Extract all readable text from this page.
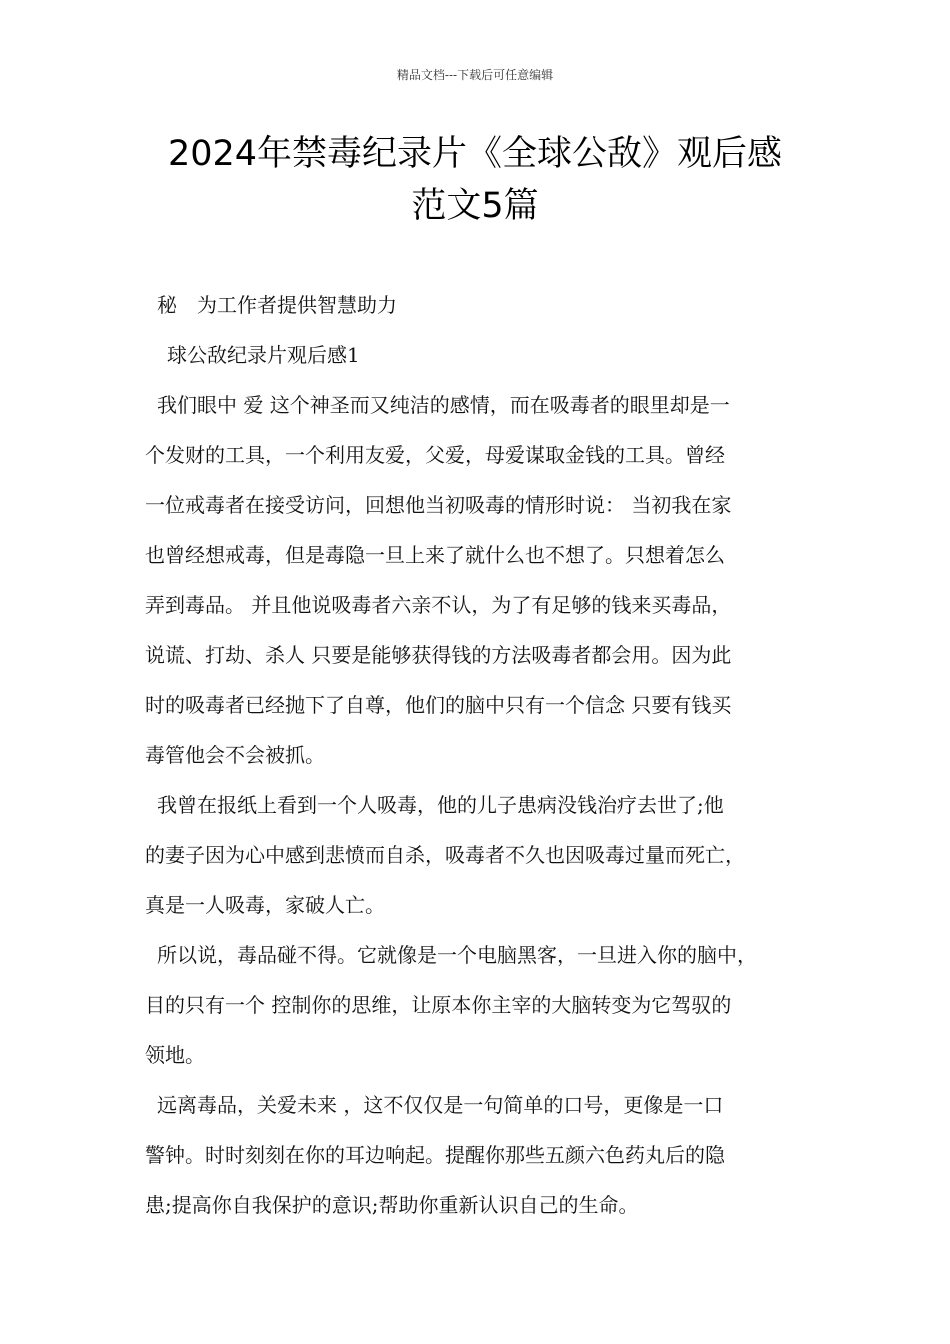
精品文档---下载后可任意编辑
2024年禁毒纪录片《全球公敌》观后感
范文5篇
秘　为工作者提供智慧助力
球公敌纪录片观后感1
我们眼中 爱 这个神圣而又纯洁的感情，而在吸毒者的眼里却是一
个发财的工具，一个利用友爱，父爱，母爱谋取金钱的工具。曾经
一位戒毒者在接受访问，回想他当初吸毒的情形时说： 当初我在家
也曾经想戒毒，但是毒隐一旦上来了就什么也不想了。只想着怎么
弄到毒品。 并且他说吸毒者六亲不认，为了有足够的钱来买毒品，
说谎、打劫、杀人 只要是能够获得钱的方法吸毒者都会用。因为此
时的吸毒者已经抛下了自尊，他们的脑中只有一个信念 只要有钱买
毒管他会不会被抓。
我曾在报纸上看到一个人吸毒，他的儿子患病没钱治疗去世了;他
的妻子因为心中感到悲愤而自杀，吸毒者不久也因吸毒过量而死亡，
真是一人吸毒，家破人亡。
所以说，毒品碰不得。它就像是一个电脑黑客，一旦进入你的脑中，
目的只有一个 控制你的思维，让原本你主宰的大脑转变为它驾驭的
领地。
远离毒品，关爱未来 ，这不仅仅是一句简单的口号，更像是一口
警钟。时时刻刻在你的耳边响起。提醒你那些五颜六色药丸后的隐
患;提高你自我保护的意识;帮助你重新认识自己的生命。
